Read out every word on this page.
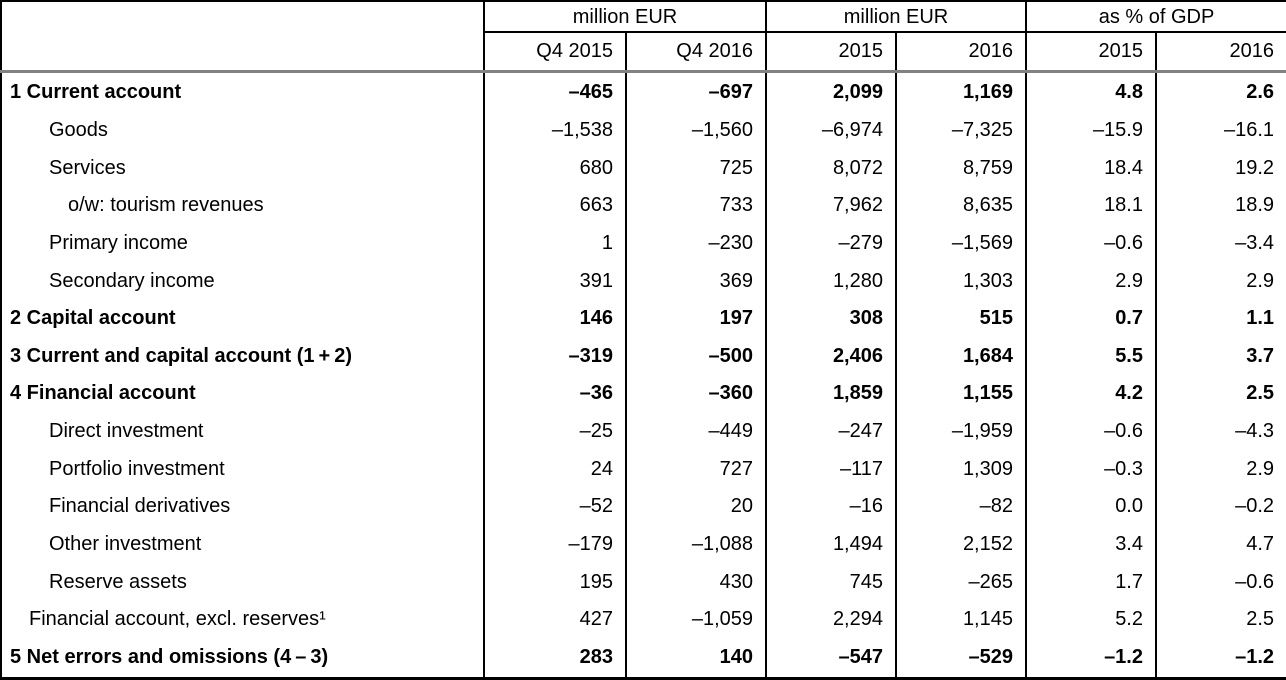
	million EUR		million EUR		as % of GDP	
	Q4 2015	Q4 2016	2015	2016	2015	2016
1 Current account	–465	–697	2,099	1,169	4.8	2.6
Goods	–1,538	–1,560	–6,974	–7,325	–15.9	–16.1
Services	680	725	8,072	8,759	18.4	19.2
o/w: tourism revenues	663	733	7,962	8,635	18.1	18.9
Primary income	1	–230	–279	–1,569	–0.6	–3.4
Secondary income	391	369	1,280	1,303	2.9	2.9
2 Capital account	146	197	308	515	0.7	1.1
3 Current and capital account (1 + 2)	–319	–500	2,406	1,684	5.5	3.7
4 Financial account	–36	–360	1,859	1,155	4.2	2.5
Direct investment	–25	–449	–247	–1,959	–0.6	–4.3
Portfolio investment	24	727	–117	1,309	–0.3	2.9
Financial derivatives	–52	20	–16	–82	0.0	–0.2
Other investment	–179	–1,088	1,494	2,152	3.4	4.7
Reserve assets	195	430	745	–265	1.7	–0.6
Financial account, excl. reserves¹	427	–1,059	2,294	1,145	5.2	2.5
5 Net errors and omissions (4 – 3)	283	140	–547	–529	–1.2	–1.2
